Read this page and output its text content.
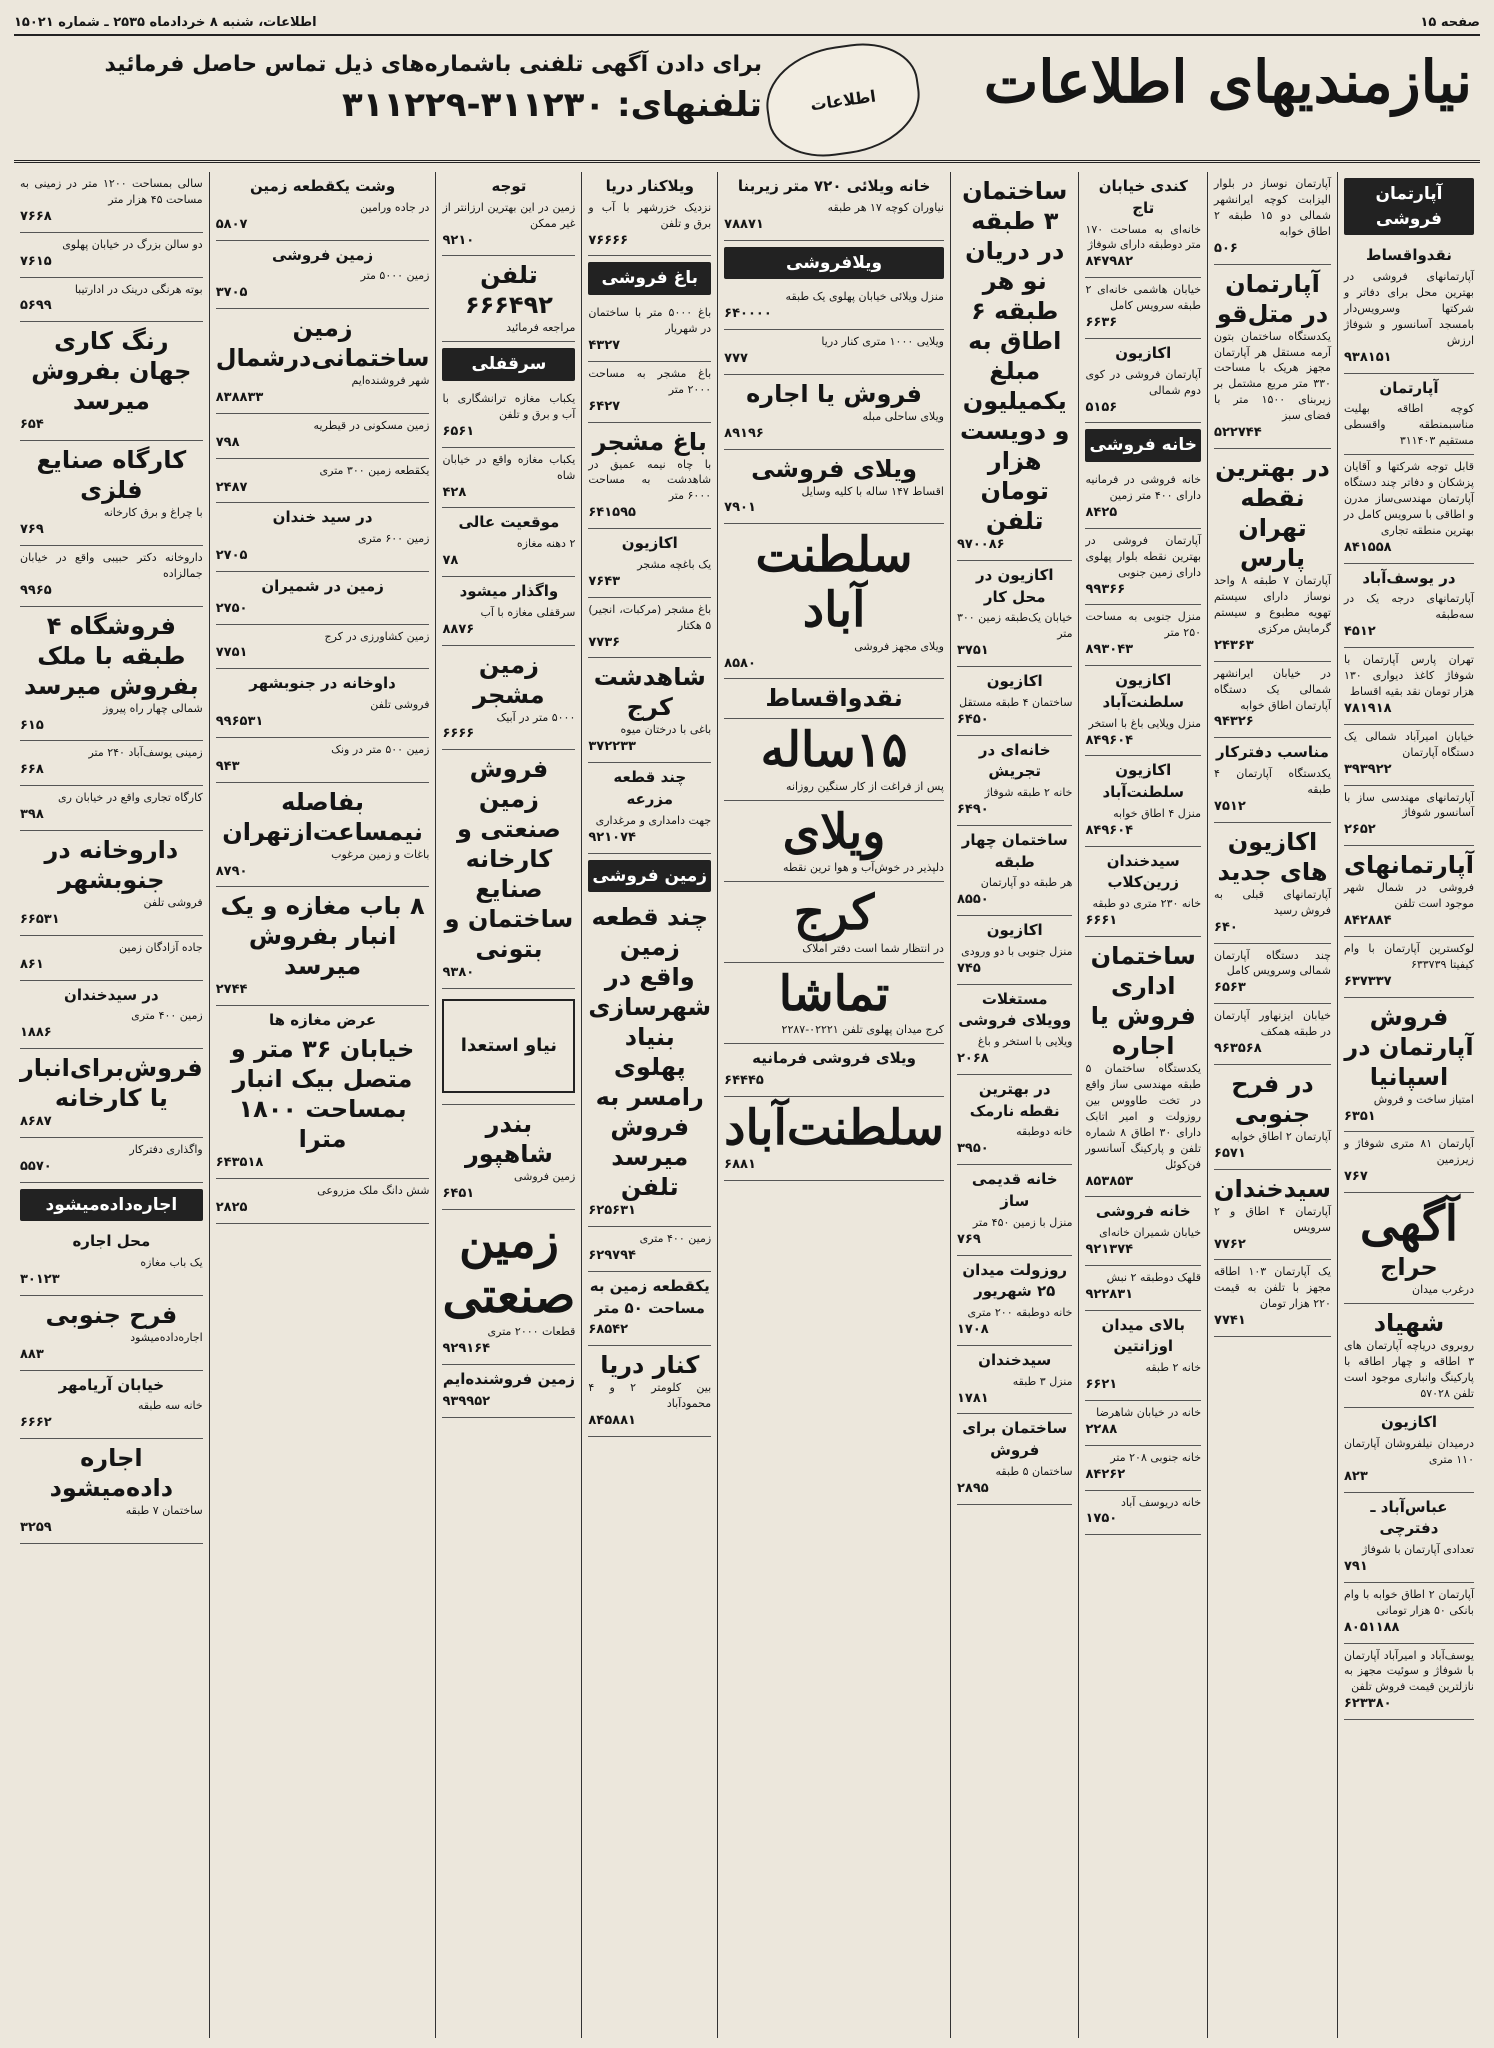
صفحه ۱۵
اطلاعات، شنبه ۸ خردادماه ۲۵۳۵ ـ شماره ۱۵۰۲۱
نیازمندیهای اطلاعات
اطلاعات
برای دادن آگهی تلفنی باشماره‌های ذیل تماس حاصل فرمائید
تلفنهای: ۳۱۱۲۳۰-۳۱۱۲۲۹
آپارتمان فروشی
نقدواقساط
آپارتمانهای فروشی در بهترین محل برای دفاتر و شرکتها وسرویس‌دار بامسجد آسانسور و شوفاژ ارزش
۹۳۸۱۵۱
آپارتمان
کوچه اطاقه بهلیت مناسبمنطقه واقسطی مستقیم ۳۱۱۴۰۳
قابل توجه شرکتها و آقایان پزشکان و دفاتر چند دستگاه آپارتمان مهندسی‌ساز مدرن و اطاقی با سرویس کامل در بهترین منطقه تجاری
۸۴۱۵۵۸
در یوسف‌آباد
آپارتمانهای درجه یک در سه‌طبقه
۴۵۱۲
تهران پارس آپارتمان با شوفاژ کاغذ دیواری ۱۳۰ هزار تومان نقد بقیه اقساط
۷۸۱۹۱۸
خیابان امیرآباد شمالی یک دستگاه آپارتمان
۳۹۳۹۲۲
آپارتمانهای مهندسی ساز با آسانسور شوفاژ
۲۶۵۲
آپارتمانهای
فروشی در شمال شهر موجود است تلفن
۸۴۲۸۸۴
لوکسترین آپارتمان با وام کیفیتا ۶۳۳۷۳۹
۶۳۷۳۳۷
فروش آپارتمان در اسپانیا
امتیاز ساخت و فروش
۶۳۵۱
آپارتمان ۸۱ متری شوفاژ و زیرزمین
۷۶۷
آگهی
حراج
درغرب میدان
شهیاد
روبروی دریاچه آپارتمان های ۳ اطاقه و چهار اطاقه با پارکینگ وانباری موجود است تلفن ۵۷۰۲۸
اکازیون
درمیدان نیلفروشان آپارتمان ۱۱۰ متری
۸۲۳
عباس‌آباد ـ دفترچی
تعدادی آپارتمان با شوفاژ
۷۹۱
آپارتمان ۲ اطاق خوابه با وام بانکی ۵۰ هزار تومانی
۸۰۵۱۱۸۸
یوسف‌آباد و امیرآباد آپارتمان با شوفاژ و سوئیت مجهز به نازلترین قیمت فروش تلفن
۶۲۳۳۸۰
آپارتمان نوساز در بلوار الیزابت کوچه ایرانشهر شمالی دو ۱۵ طبقه ۲ اطاق خوابه
۵۰۶
آپارتمان در متل‌قو
یکدستگاه ساختمان بتون آرمه مستقل هر آپارتمان مجهز هریک با مساحت ۳۳۰ متر مربع مشتمل بر زیربنای ۱۵۰۰ متر با فضای سبز
۵۲۲۷۴۴
در بهترین نقطه تهران پارس
آپارتمان ۷ طبقه ۸ واحد نوساز دارای سیستم تهویه مطبوع و سیستم گرمایش مرکزی
۲۴۳۶۳
در خیابان ایرانشهر شمالی یک دستگاه آپارتمان اطاق خوابه
۹۴۳۲۶
مناسب دفترکار
یکدستگاه آپارتمان ۴ طبقه
۷۵۱۲
اکازیون های جدید
آپارتمانهای قبلی به فروش رسید
۶۴۰
چند دستگاه آپارتمان شمالی وسرویس کامل
۶۵۶۳
خیابان ایزنهاور آپارتمان در طبقه همکف
۹۶۳۵۶۸
در فرح جنوبی
آپارتمان ۲ اطاق خوابه
۶۵۷۱
سیدخندان
آپارتمان ۴ اطاق و ۲ سرویس
۷۷۶۲
یک آپارتمان ۱۰۳ اطاقه مجهز با تلفن به قیمت ۲۲۰ هزار تومان
۷۷۴۱
کندی خیابان تاج
خانه‌ای به مساحت ۱۷۰ متر دوطبقه دارای شوفاژ
۸۴۷۹۸۲
خیابان هاشمی خانه‌ای ۲ طبقه سرویس کامل
۶۶۳۶
اکازیون
آپارتمان فروشی در کوی دوم شمالی
۵۱۵۶
خانه فروشی
خانه فروشی در فرمانیه دارای ۴۰۰ متر زمین
۸۴۲۵
آپارتمان فروشی در بهترین نقطه بلوار پهلوی دارای زمین جنوبی
۹۹۳۶۶
منزل جنوبی به مساحت ۲۵۰ متر
۸۹۳۰۴۳
اکازیون سلطنت‌آباد
منزل ویلایی باغ با استخر
۸۴۹۶۰۴
اکازیون سلطنت‌آباد
منزل ۴ اطاق خوابه
۸۴۹۶۰۴
سیدخندان زرین‌کلاب
خانه ۲۳۰ متری دو طبقه
۶۶۶۱
ساختمان اداری فروش یا اجاره
یکدستگاه ساختمان ۵ طبقه مهندسی ساز واقع در تخت طاووس بین روزولت و امیر اتابک دارای ۳۰ اطاق ۸ شماره تلفن و پارکینگ آسانسور فن‌کوئل
۸۵۳۸۵۳
خانه فروشی
خیابان شمیران خانه‌ای
۹۲۱۳۷۴
قلهک دوطبقه ۲ نبش
۹۲۲۸۳۱
بالای میدان اوزانتین
خانه ۲ طبقه
۶۶۲۱
خانه در خیابان شاهرضا
۲۲۸۸
خانه جنوبی ۲۰۸ متر
۸۴۲۶۲
خانه دریوسف آباد
۱۷۵۰
ساختمان ۳ طبقه در دریان نو هر طبقه ۶ اطاق به مبلغ یکمیلیون و دویست هزار تومان تلفن
۹۷۰۰۸۶
اکازیون در محل کار
خیابان یک‌طبقه زمین ۳۰۰ متر
۳۷۵۱
اکازیون
ساختمان ۴ طبقه مستقل
۶۴۵۰
خانه‌ای در تجریش
خانه ۲ طبقه شوفاژ
۶۴۹۰
ساختمان چهار طبقه
هر طبقه دو آپارتمان
۸۵۵۰
اکازیون
منزل جنوبی با دو ورودی
۷۴۵
مستغلات وویلای فروشی
ویلایی با استخر و باغ
۲۰۶۸
در بهترین نقطه نارمک
خانه دوطبقه
۳۹۵۰
خانه قدیمی ساز
منزل با زمین ۴۵۰ متر
۷۶۹
روزولت میدان ۲۵ شهریور
خانه دوطبقه ۲۰۰ متری
۱۷۰۸
سیدخندان
منزل ۳ طبقه
۱۷۸۱
ساختمان برای فروش
ساختمان ۵ طبقه
۲۸۹۵
خانه ویلائی ۷۲۰ متر زیربنا
نیاوران کوچه ۱۷ هر طبقه
۷۸۸۷۱
ویلافروشی
منزل ویلائی خیابان پهلوی یک طبقه
۶۴۰۰۰۰
ویلایی ۱۰۰۰ متری کنار دریا
۷۷۷
فروش یا اجاره
ویلای ساحلی مبله
۸۹۱۹۶
ویلای فروشی
اقساط ۱۴۷ ساله با کلیه وسایل
۷۹۰۱
سلطنت آباد
ویلای مجهز فروشی
۸۵۸۰
نقدواقساط
۱۵ساله
پس از فراغت از کار سنگین روزانه
ویلای
دلپذیر در خوش‌آب و هوا ترین نقطه
کرج
در انتظار شما است دفتر املاک
تماشا
کرج میدان پهلوی تلفن ۰۲۲۲۱-۲۲۸۷
ویلای فروشی فرمانیه
۶۴۴۴۵
سلطنت‌آباد
۶۸۸۱
ویلاکنار دریا
نزدیک خزرشهر با آب و برق و تلفن
۷۶۶۶۶
باغ فروشی
باغ ۵۰۰۰ متر با ساختمان در شهریار
۴۳۲۷
باغ مشجر به مساحت ۲۰۰۰ متر
۶۴۲۷
باغ مشجر
با چاه نیمه عمیق در شاهدشت به مساحت ۶۰۰۰ متر
۶۴۱۵۹۵
اکازیون
یک باغچه مشجر
۷۶۴۳
باغ مشجر (مرکبات، انجیر) ۵ هکتار
۷۷۳۶
شاهدشت کرج
باغی با درختان میوه
۳۷۲۲۳۳
چند قطعه مزرعه
جهت دامداری و مرغداری
۹۲۱۰۷۴
زمین فروشی
چند قطعه زمین واقع در شهرسازی بنیاد پهلوی رامسر به فروش میرسد تلفن
۶۲۵۶۳۱
زمین ۴۰۰ متری
۶۲۹۷۹۴
یکقطعه زمین به مساحت ۵۰ متر
۶۸۵۴۲
کنار دریا
بین کلومتر ۲ و ۴ محمودآباد
۸۴۵۸۸۱
توجه
زمین در این بهترین ارزانتر از غیر ممکن
۹۲۱۰
تلفن ۶۶۶۴۹۲
مراجعه فرمائید
سرقفلی
یکباب مغازه ترانشگاری با آب و برق و تلفن
۶۵۶۱
یکباب مغازه واقع در خیابان شاه
۴۲۸
موقعیت عالی
۲ دهنه مغازه
۷۸
واگذار میشود
سرقفلی مغازه با آب
۸۸۷۶
زمین مشجر
۵۰۰۰ متر در آبیک
۶۶۶۶
فروش زمین صنعتی و کارخانه صنایع ساختمان و بتونی
۹۳۸۰
نیاو استعدا
بندر شاهپور
زمین فروشی
۶۴۵۱
زمین صنعتی
قطعات ۲۰۰۰ متری
۹۲۹۱۶۴
زمین فروشنده‌ایم
۹۳۹۹۵۲
وشت یکقطعه زمین
در جاده ورامین
۵۸۰۷
زمین فروشی
زمین ۵۰۰۰ متر
۳۷۰۵
زمین ساختمانی‌درشمال
شهر فروشنده‌ایم
۸۳۸۸۳۳
زمین مسکونی در قیطریه
۷۹۸
یکقطعه زمین ۳۰۰ متری
۲۴۸۷
در سید خندان
زمین ۶۰۰ متری
۲۷۰۵
زمین در شمیران
۲۷۵۰
زمین کشاورزی در کرج
۷۷۵۱
داوخانه در جنوبشهر
فروشی تلفن
۹۹۶۵۳۱
زمین ۵۰۰ متر در ونک
۹۴۳
بفاصله نیمساعت‌ازتهران
باغات و زمین مرغوب
۸۷۹۰
۸ باب مغازه و یک انبار بفروش میرسد
۲۷۴۴
عرض مغازه ها
خیابان ۳۶ متر و متصل بیک انبار بمساحت ۱۸۰۰ مترا
۶۴۳۵۱۸
شش دانگ ملک مزروعی
۲۸۲۵
سالی بمساحت ۱۲۰۰ متر در زمینی به مساحت ۴۵ هزار متر
۷۶۶۸
دو سالن بزرگ در خیابان پهلوی
۷۶۱۵
بوته هرنگی درینک در ادارتیبا
۵۶۹۹
رنگ کاری جهان بفروش میرسد
۶۵۴
کارگاه صنایع فلزی
با چراغ و برق کارخانه
۷۶۹
داروخانه دکتر حبیبی واقع در خیابان جمالزاده
۹۹۶۵
فروشگاه ۴ طبقه با ملک بفروش میرسد
شمالی چهار راه پیروز
۶۱۵
زمینی یوسف‌آباد ۲۴۰ متر
۶۶۸
کارگاه تجاری واقع در خیابان ری
۳۹۸
داروخانه در جنوبشهر
فروشی تلفن
۶۶۵۳۱
جاده آزادگان زمین
۸۶۱
در سیدخندان
زمین ۴۰۰ متری
۱۸۸۶
فروش‌برای‌انبار یا کارخانه
۸۶۸۷
واگذاری دفترکار
۵۵۷۰
اجاره‌داده‌میشود
محل اجاره
یک باب مغازه
۳۰۱۲۳
فرح جنوبی
اجاره‌داده‌میشود
۸۸۳
خیابان آریامهر
خانه سه طبقه
۶۶۶۲
اجاره داده‌میشود
ساختمان ۷ طبقه
۳۲۵۹
